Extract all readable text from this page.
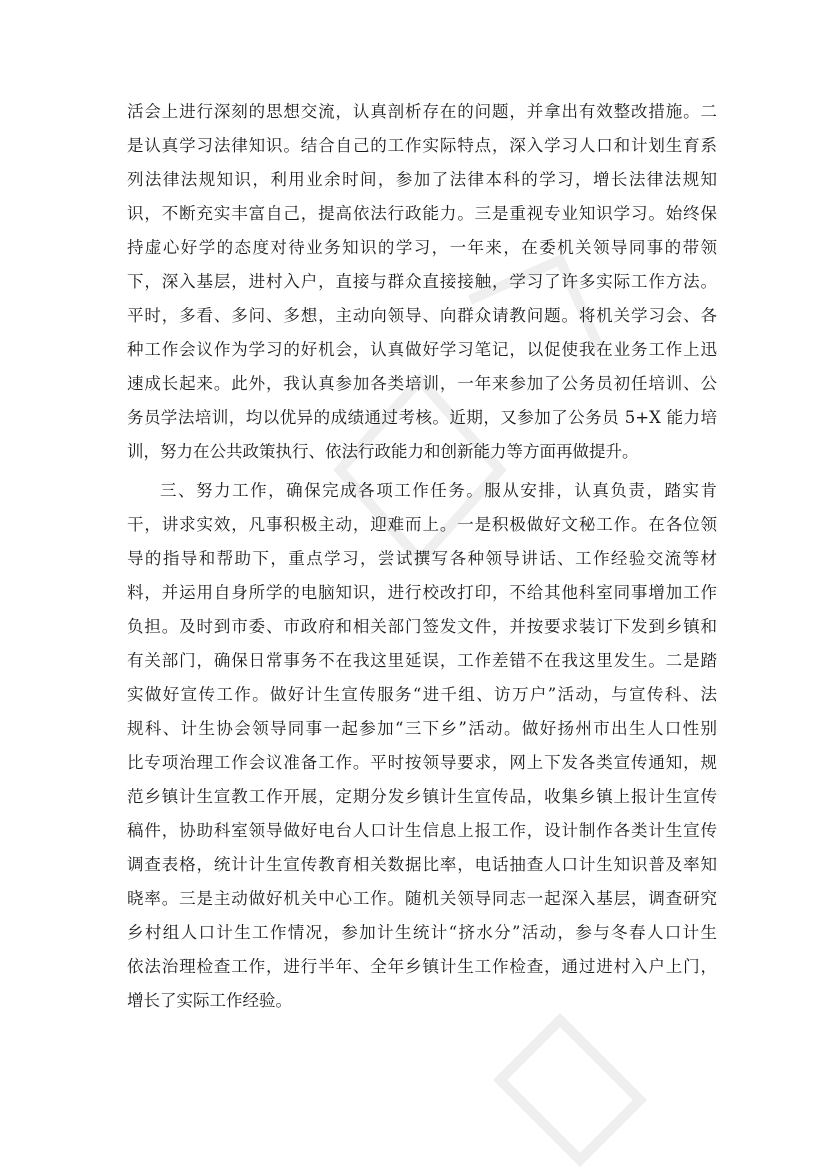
活会上进行深刻的思想交流，认真剖析存在的问题，并拿出有效整改措施。二
是认真学习法律知识。结合自己的工作实际特点，深入学习人口和计划生育系
列法律法规知识，利用业余时间，参加了法律本科的学习，增长法律法规知
识，不断充实丰富自己，提高依法行政能力。三是重视专业知识学习。始终保
持虚心好学的态度对待业务知识的学习，一年来，在委机关领导同事的带领
下，深入基层，进村入户，直接与群众直接接触，学习了许多实际工作方法。
平时，多看、多问、多想，主动向领导、向群众请教问题。将机关学习会、各
种工作会议作为学习的好机会，认真做好学习笔记，以促使我在业务工作上迅
速成长起来。此外，我认真参加各类培训，一年来参加了公务员初任培训、公
务员学法培训，均以优异的成绩通过考核。近期，又参加了公务员 5+X 能力培
训，努力在公共政策执行、依法行政能力和创新能力等方面再做提升。
三、努力工作，确保完成各项工作任务。服从安排，认真负责，踏实肯
干，讲求实效，凡事积极主动，迎难而上。一是积极做好文秘工作。在各位领
导的指导和帮助下，重点学习，尝试撰写各种领导讲话、工作经验交流等材
料，并运用自身所学的电脑知识，进行校改打印，不给其他科室同事增加工作
负担。及时到市委、市政府和相关部门签发文件，并按要求装订下发到乡镇和
有关部门，确保日常事务不在我这里延误，工作差错不在我这里发生。二是踏
实做好宣传工作。做好计生宣传服务“进千组、访万户”活动，与宣传科、法
规科、计生协会领导同事一起参加“三下乡”活动。做好扬州市出生人口性别
比专项治理工作会议准备工作。平时按领导要求，网上下发各类宣传通知，规
范乡镇计生宣教工作开展，定期分发乡镇计生宣传品，收集乡镇上报计生宣传
稿件，协助科室领导做好电台人口计生信息上报工作，设计制作各类计生宣传
调查表格，统计计生宣传教育相关数据比率，电话抽查人口计生知识普及率知
晓率。三是主动做好机关中心工作。随机关领导同志一起深入基层，调查研究
乡村组人口计生工作情况，参加计生统计“挤水分”活动，参与冬春人口计生
依法治理检查工作，进行半年、全年乡镇计生工作检查，通过进村入户上门，
增长了实际工作经验。
